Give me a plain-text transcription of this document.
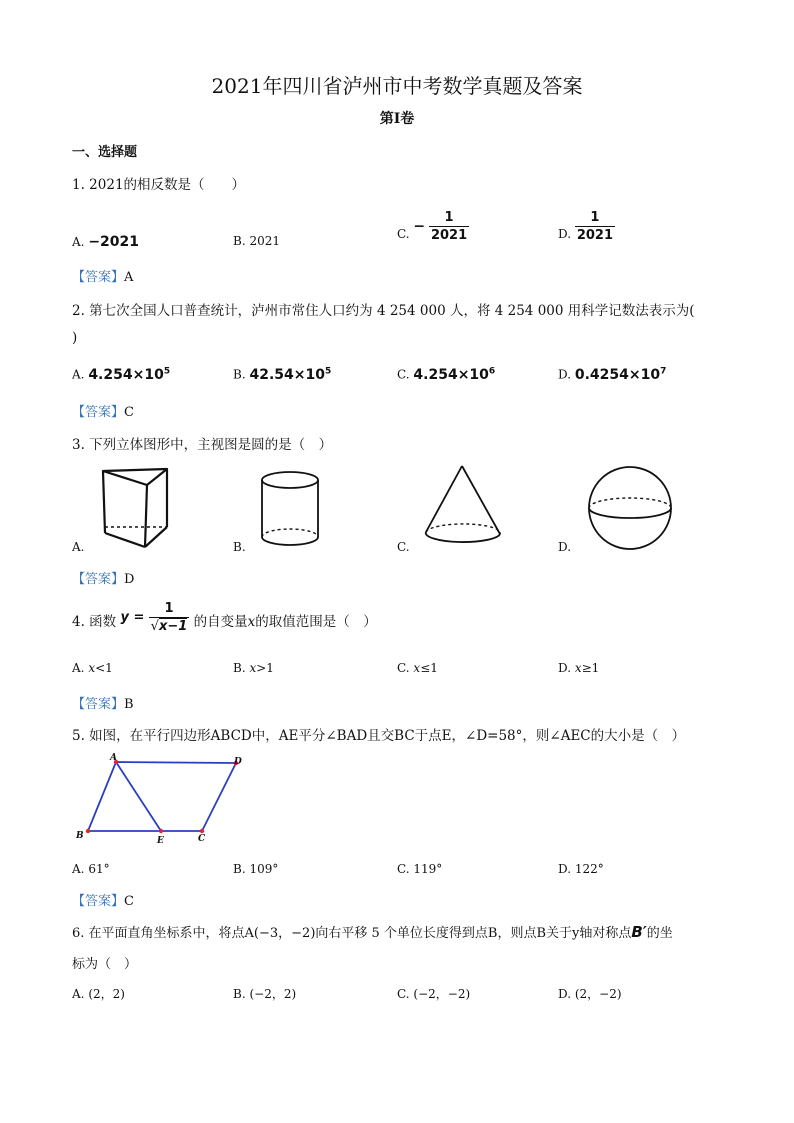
2021年四川省泸州市中考数学真题及答案
第I卷
一、选择题
1. 2021的相反数是（　　）
A. −2021	B. 2021	C. − $\frac{1}{2021}$	D. $\frac{1}{2021}$
【答案】A
2. 第七次全国人口普查统计，泸州市常住人口约为 4 254 000 人，将 4 254 000 用科学记数法表示为(
)
A. $4.254\times 10^5$	B. $42.54\times 10^5$	C. $4.254\times 10^6$	D. $0.4254\times 10^7$
【答案】C
3. 下列立体图形中，主视图是圆的是（　）
A.	B.	C.	D.
【答案】D
4. 函数 $y = \frac{1}{√x-1}$ 的自变量x的取值范围是（　）
A. x<1	B. x>1	C. x≤1	D. x≥1
【答案】B
5. 如图，在平行四边形ABCD中，AE平分∠BAD且交BC于点E，∠D=58°，则∠AEC的大小是（　）
A	D
B	E	C
A. 61°	B. 109°	C. 119°	D. 122°
【答案】C
6. 在平面直角坐标系中，将点A(−3，−2)向右平移 5 个单位长度得到点B，则点B关于y轴对称点B′的坐
标为（　）
A. (2，2)	B. (−2，2)	C. (−2，−2)	D. (2，−2)
